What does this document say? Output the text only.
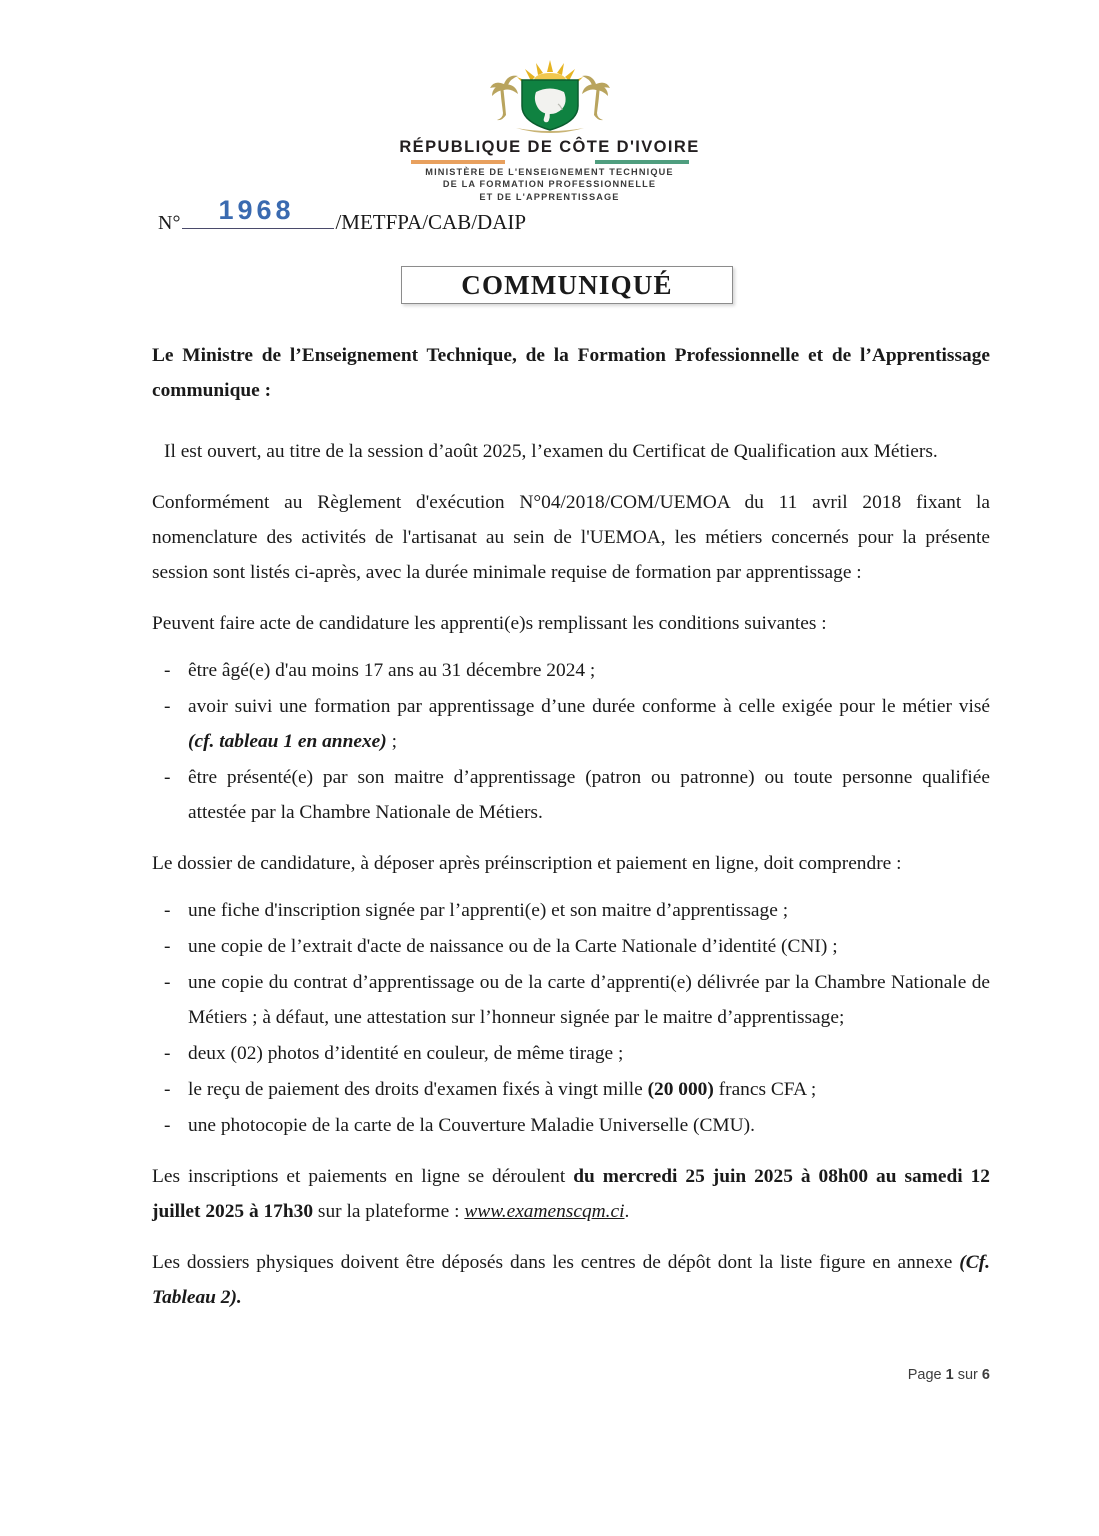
RÉPUBLIQUE DE CÔTE D'IVOIRE
MINISTÈRE DE L'ENSEIGNEMENT TECHNIQUE
DE LA FORMATION PROFESSIONNELLE
ET DE L'APPRENTISSAGE
N° 1968 /METFPA/CAB/DAIP
COMMUNIQUÉ

Le Ministre de l’Enseignement Technique, de la Formation Professionnelle et de l’Apprentissage communique :

Il est ouvert, au titre de la session d’août 2025, l’examen du Certificat de Qualification aux Métiers.

Conformément au Règlement d'exécution N°04/2018/COM/UEMOA du 11 avril 2018 fixant la nomenclature des activités de l'artisanat au sein de l'UEMOA, les métiers concernés pour la présente session sont listés ci-après, avec la durée minimale requise de formation par apprentissage :

Peuvent faire acte de candidature les apprenti(e)s remplissant les conditions suivantes :

- être âgé(e) d'au moins 17 ans au 31 décembre 2024 ;
- avoir suivi une formation par apprentissage d’une durée conforme à celle exigée pour le métier visé (cf. tableau 1 en annexe) ;
- être présenté(e) par son maitre d’apprentissage (patron ou patronne) ou toute personne qualifiée attestée par la Chambre Nationale de Métiers.

Le dossier de candidature, à déposer après préinscription et paiement en ligne, doit comprendre :

- une fiche d'inscription signée par l’apprenti(e) et son maitre d’apprentissage ;
- une copie de l’extrait d'acte de naissance ou de la Carte Nationale d’identité (CNI) ;
- une copie du contrat d’apprentissage ou de la carte d’apprenti(e) délivrée par la Chambre Nationale de Métiers ; à défaut, une attestation sur l’honneur signée par le maitre d’apprentissage;
- deux (02) photos d’identité en couleur, de même tirage ;
- le reçu de paiement des droits d'examen fixés à vingt mille (20 000) francs CFA ;
- une photocopie de la carte de la Couverture Maladie Universelle (CMU).

Les inscriptions et paiements en ligne se déroulent du mercredi 25 juin 2025 à 08h00 au samedi 12 juillet 2025 à 17h30 sur la plateforme : www.examenscqm.ci.

Les dossiers physiques doivent être déposés dans les centres de dépôt dont la liste figure en annexe (Cf. Tableau 2).

Page 1 sur 6
